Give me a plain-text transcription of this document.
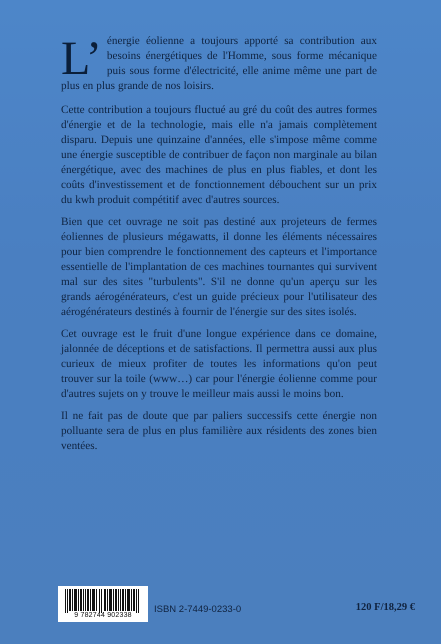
L’ énergie éolienne a toujours apporté sa contribution aux besoins énergétiques de l'Homme, sous forme mécanique puis sous forme d'électricité, elle anime même une part de plus en plus grande de nos loisirs.

Cette contribution a toujours fluctué au gré du coût des autres formes d'énergie et de la technologie, mais elle n'a jamais complètement disparu. Depuis une quinzaine d'années, elle s'impose même comme une énergie susceptible de contribuer de façon non marginale au bilan énergétique, avec des machines de plus en plus fiables, et dont les coûts d'investissement et de fonctionnement débouchent sur un prix du kwh produit compétitif avec d'autres sources.

Bien que cet ouvrage ne soit pas destiné aux projeteurs de fermes éoliennes de plusieurs mégawatts, il donne les éléments nécessaires pour bien comprendre le fonctionnement des capteurs et l'importance essentielle de l'implantation de ces machines tournantes qui survivent mal sur des sites "turbulents". S'il ne donne qu'un aperçu sur les grands aérogénérateurs, c'est un guide précieux pour l'utilisateur des aérogénérateurs destinés à fournir de l'énergie sur des sites isolés.

Cet ouvrage est le fruit d'une longue expérience dans ce domaine, jalonnée de déceptions et de satisfactions. Il permettra aussi aux plus curieux de mieux profiter de toutes les informations qu'on peut trouver sur la toile (www…) car pour l'énergie éolienne comme pour d'autres sujets on y trouve le meilleur mais aussi le moins bon.

Il ne fait pas de doute que par paliers successifs cette énergie non polluante sera de plus en plus familière aux résidents des zones bien ventées.

9 782744 902338
ISBN 2-7449-0233-0	120 F/18,29 €
